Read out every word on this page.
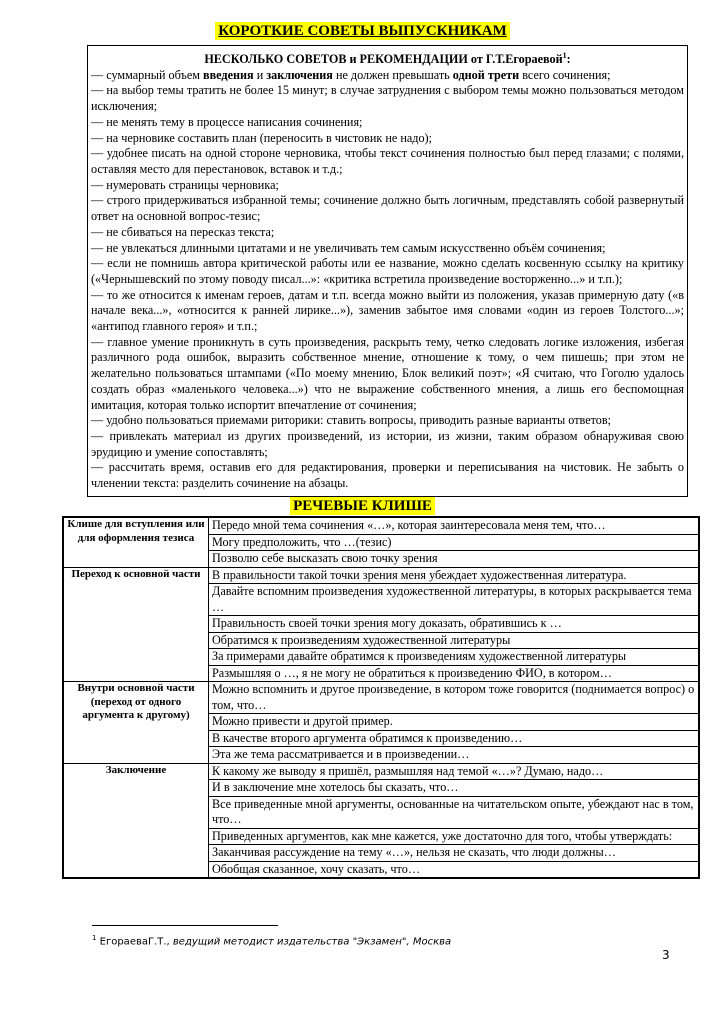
КОРОТКИЕ СОВЕТЫ ВЫПУСКНИКАМ

НЕСКОЛЬКО СОВЕТОВ и РЕКОМЕНДАЦИИ от Г.Т.Егораевой$^1$:

— суммарный объем введения и заключения не должен превышать одной трети всего сочинения;

— на выбор темы тратить не более 15 минут; в случае затруднения с выбором темы можно пользоваться методом исключения;

— не менять тему в процессе написания сочинения;

— на черновике составить план (переносить в чистовик не надо);

— удобнее писать на одной стороне черновика, чтобы текст сочинения полностью был перед глазами; с полями, оставляя место для перестановок, вставок и т.д.;

— нумеровать страницы черновика;

— строго придерживаться избранной темы; сочинение должно быть логичным, представлять собой развернутый ответ на основной вопрос-тезис;

— не сбиваться на пересказ текста;

— не увлекаться длинными цитатами и не увеличивать тем самым искусственно объём сочинения;

— если не помнишь автора критической работы или ее название, можно сделать косвенную ссылку на критику («Чернышевский по этому поводу писал...»: «критика встретила произведение восторженно...» и т.п.);

— то же относится к именам героев, датам и т.п. всегда можно выйти из положения, указав примерную дату («в начале века...», «относится к ранней лирике...»), заменив забытое имя словами «один из героев Толстого...»; «антипод главного героя» и т.п.;

— главное умение проникнуть в суть произведения, раскрыть тему, четко следовать логике изложения, избегая различного рода ошибок, выразить собственное мнение, отношение к тому, о чем пишешь; при этом не желательно пользоваться штампами («По моему мнению, Блок великий поэт»; «Я считаю, что Гоголю удалось создать образ «маленького человека...») что не выражение собственного мнения, а лишь его беспомощная имитация, которая только испортит впечатление от сочинения;

— удобно пользоваться приемами риторики: ставить вопросы, приводить разные варианты ответов;

— привлекать материал из других произведений, из истории, из жизни, таким образом обнаруживая свою эрудицию и умение сопоставлять;

— рассчитать время, оставив его для редактирования, проверки и переписывания на чистовик. Не забыть о членении текста: разделить сочинение на абзацы.

РЕЧЕВЫЕ КЛИШЕ
Клише для вступления или для оформления тезиса	Передо мной тема сочинения «…», которая заинтересовала меня тем, что…
	Могу предположить, что …(тезис)
	Позволю себе высказать свою точку зрения
Переход к основной части	В правильности такой точки зрения меня убеждает художественная литература.
	Давайте вспомним произведения художественной литературы, в которых раскрывается тема …
	Правильность своей точки зрения могу доказать, обратившись к …
	Обратимся к произведениям художественной литературы
	За примерами давайте обратимся к произведениям художественной литературы
	Размышляя о …, я не могу не обратиться к произведению ФИО, в котором…
Внутри основной части (переход от одного аргумента к другому)	Можно вспомнить и другое произведение, в котором тоже говорится (поднимается вопрос) о том, что…
	Можно привести и другой пример.
	В качестве второго аргумента обратимся к произведению…
	Эта же тема рассматривается и в произведении…
Заключение	К какому же выводу я пришёл, размышляя над темой «…»? Думаю, надо…
	И в заключение мне хотелось бы сказать, что…
	Все приведенные мной аргументы, основанные на читательском опыте, убеждают нас в том, что…
	Приведенных аргументов, как мне кажется, уже достаточно для того, чтобы утверждать:
	Заканчивая рассуждение на тему «…», нельзя не сказать, что люди должны…
	Обобщая сказанное, хочу сказать, что…
$^1$ ЕгораеваГ.Т., ведущий методист издательства "Экзамен", Москва
3
